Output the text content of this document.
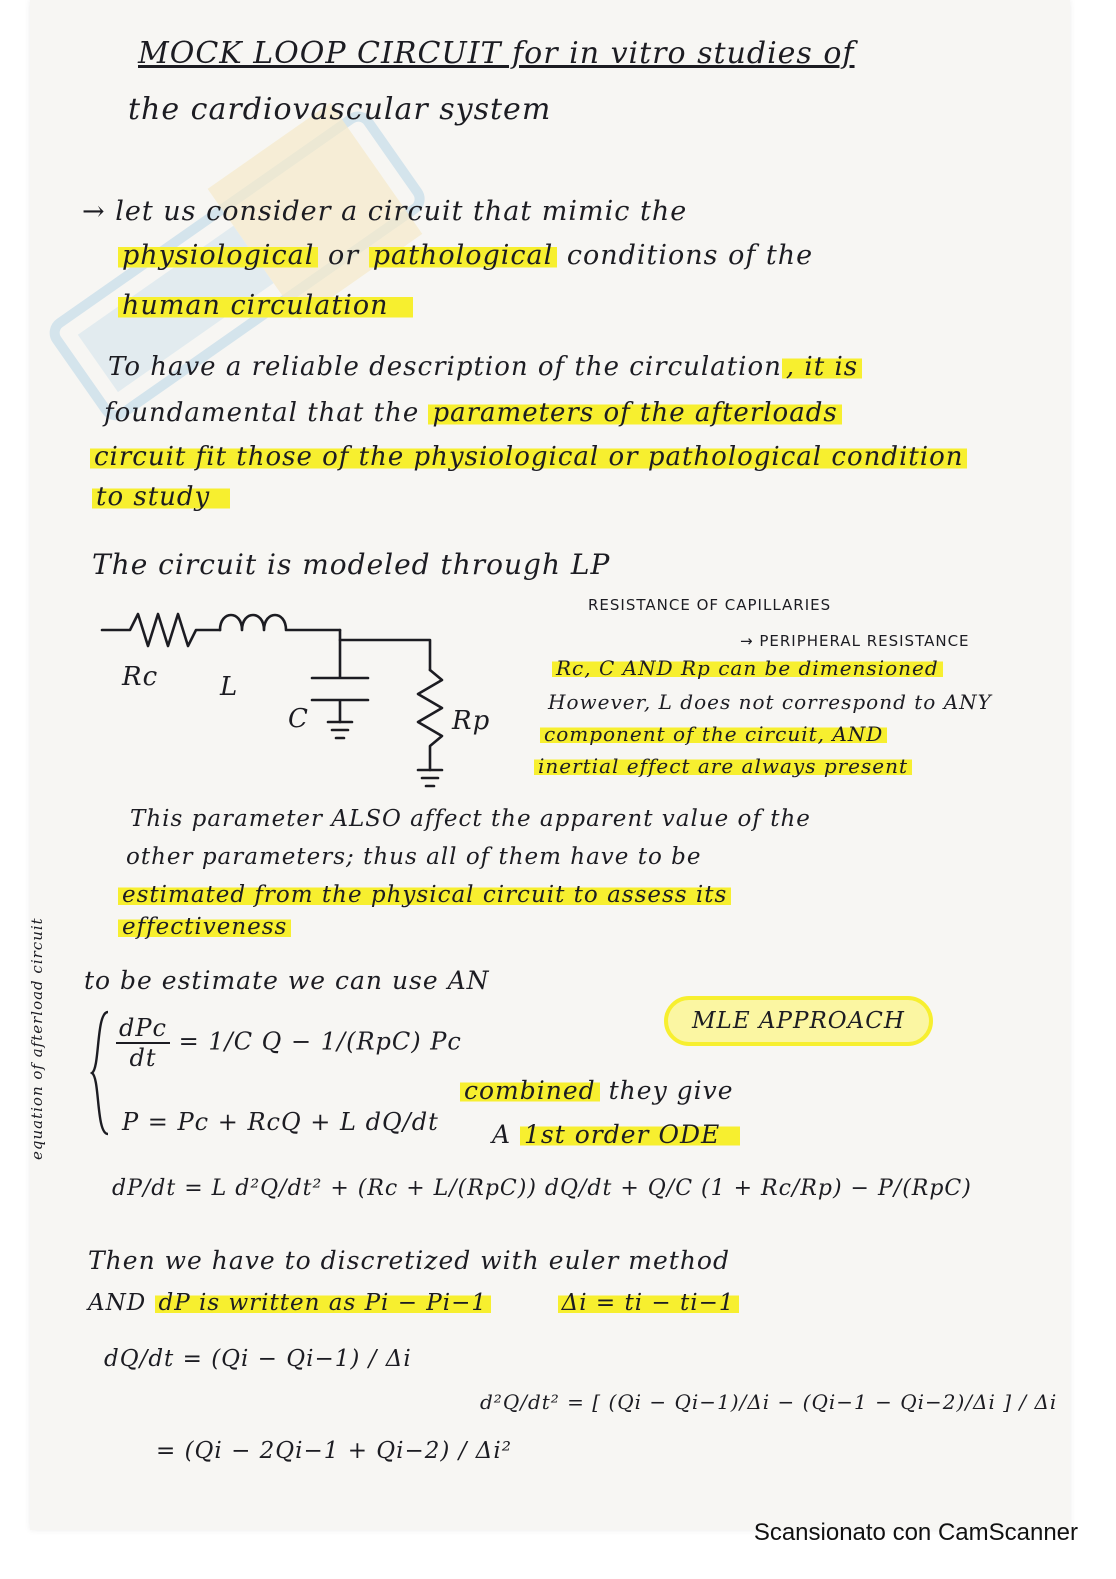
MOCK LOOP CIRCUIT for in vitro studies of
the cardiovascular system
→ let us consider a circuit that mimic the
physiological or pathological conditions of the
human circulation
To have a reliable description of the circulation , it is
foundamental that the parameters of the afterloads
circuit fit those of the physiological or pathological condition
to study
The circuit is modeled through LP
Rc L
C	Rp
RESISTANCE OF CAPILLARIES
→ PERIPHERAL RESISTANCE
Rc, C AND Rp can be dimensioned
However, L does not correspond to ANY
component of the circuit, AND
inertial effect are always present
This parameter ALSO affect the apparent value of the
other parameters; thus all of them have to be
estimated from the physical circuit to assess its
effectiveness
to be estimate we can use AN
MLE APPROACH
equation of afterload circuit	$\frac{\text{dPc}}{dt} = 1/C$ Q − 1/(RpC) Pc
combined they give
P = Pc + RcQ + L dQ/dt A 1st order ODE
dP/dt = L d²Q/dt² + (Rc + L/(RpC)) dQ/dt + Q/C (1 + Rc/Rp) − P/(RpC)
Then we have to discretized with euler method
AND dP is written as Pi − Pi−1	Δi = ti − ti−1
dQ/dt = (Qi − Qi−1) / Δi
d²Q/dt² = [ (Qi − Qi−1)/Δi − (Qi−1 − Qi−2)/Δi ] / Δi
= (Qi − 2Qi−1 + Qi−2) / Δi²
Scansionato con CamScanner
